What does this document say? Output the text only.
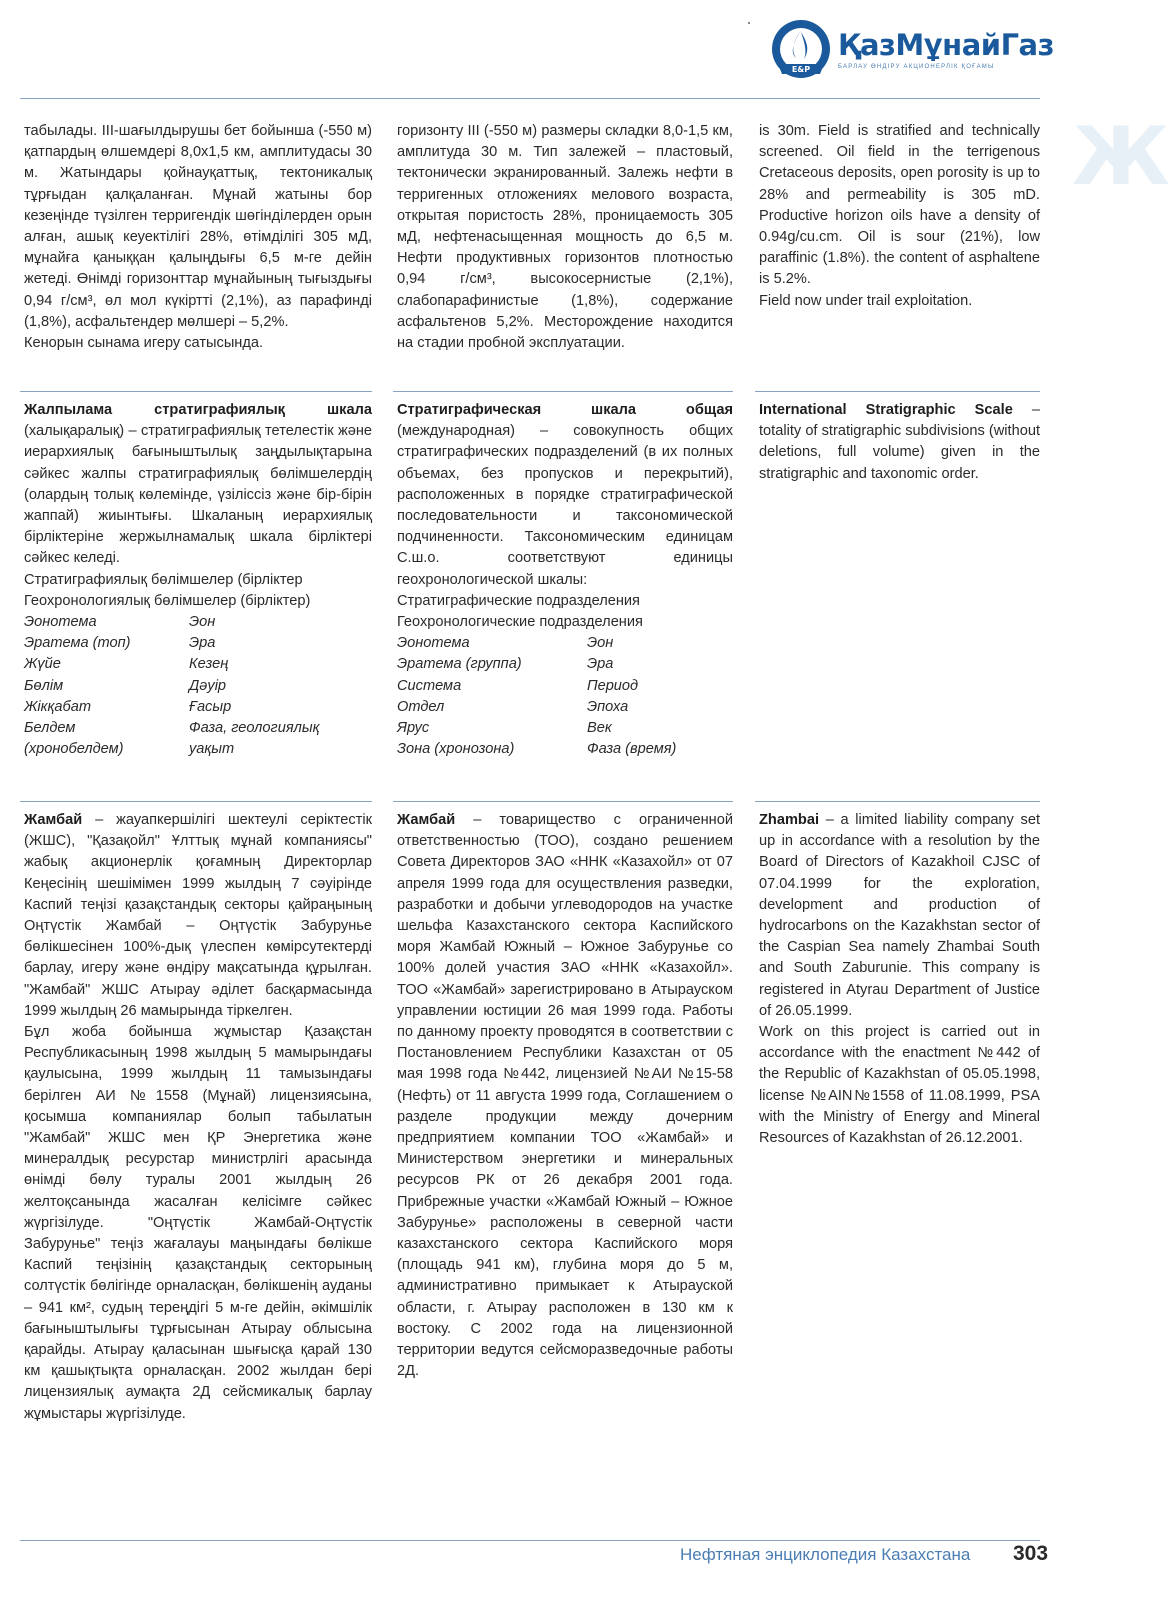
E&P
ҚазМұнайГаз
БАРЛАУ ӨНДІРУ АКЦИОНЕРЛІК ҚОҒАМЫ
Ж

табылады. III-шағылдырушы бет бойынша (-550 м) қатпардың өлшемдері 8,0х1,5 км, амплитудасы 30 м. Жатындары қойнауқаттық, тектоникалық тұрғыдан қалқаланған. Мұнай жатыны бор кезеңінде түзілген терригендік шөгінділерден орын алған, ашық кеуектілігі 28%, өтімділігі 305 мД, мұнайға қаныққан қалыңдығы 6,5 м-ге дейін жетеді. Өнімді горизонттар мұнайының тығыздығы 0,94 г/см³, өл мол күкіртті (2,1%), аз парафинді (1,8%), асфальтендер мөлшері – 5,2%.

Кенорын сынама игеру сатысында.

горизонту III (-550 м) размеры складки 8,0-1,5 км, амплитуда 30 м. Тип залежей – пластовый, тектонически экранированный. Залежь нефти в терригенных отложениях мелового возраста, открытая пористость 28%, проницаемость 305 мД, нефтенасыщенная мощность до 6,5 м. Нефти продуктивных горизонтов плотностью 0,94 г/см³, высокосернистые (2,1%), слабопарафинистые (1,8%), содержание асфальтенов 5,2%. Месторождение находится на стадии пробной эксплуатации.

is 30m. Field is stratified and technically screened. Oil field in the terrigenous Cretaceous deposits, open porosity is up to 28% and permeability is 305 mD. Productive horizon oils have a density of 0.94g/cu.cm. Oil is sour (21%), low paraffinic (1.8%). the content of asphaltene is 5.2%.

Field now under trail exploitation.

Жалпылама стратиграфиялық шкала (халықаралық) – стратиграфиялық тетелестік және иерархиялық бағыныштылық заңдылықтарына сәйкес жалпы стратиграфиялық бөлімшелердің (олардың толық көлемінде, үзіліссіз және бір-бірін жаппай) жиынтығы. Шкаланың иерархиялық бірліктеріне жержылнамалық шкала бірліктері сәйкес келеді.

Стратиграфиялық бөлімшелер (бірліктер

Геохронологиялық бөлімшелер (бірліктер)

Эонотема	Эон
Эратема (топ)	Эра
Жүйе	Кезең
Бөлім	Дәуір
Жікқабат	Ғасыр
Белдем	Фаза, геологиялық
(хронобелдем)	уақыт

Стратиграфическая шкала общая (международная) – совокупность общих стратиграфических подразделений (в их полных объемах, без пропусков и перекрытий), расположенных в порядке стратиграфической последовательности и таксономической подчиненности. Таксономическим единицам С.ш.о. соответствуют единицы геохронологической шкалы:

Стратиграфические подразделения Геохронологические подразделения

Эонотема	Эон
Эратема (группа)	Эра
Система	Период
Отдел	Эпоха
Ярус	Век
Зона (хронозона)	Фаза (время)

International Stratigraphic Scale – totality of stratigraphic subdivisions (without deletions, full volume) given in the stratigraphic and taxonomic order.

Жамбай – жауапкершілігі шектеулі серіктестік (ЖШС), "Қазақойл" Ұлттық мұнай компаниясы" жабық акционерлік қоғамның Директорлар Кеңесінің шешімімен 1999 жылдың 7 сәуірінде Каспий теңізі қазақстандық секторы қайраңының Оңтүстік Жамбай – Оңтүстік Забурунье бөлікшесінен 100%-дық үлеспен көмірсутектерді барлау, игеру және өндіру мақсатында құрылған. "Жамбай" ЖШС Атырау әділет басқармасында 1999 жылдың 26 мамырында тіркелген.

Бұл жоба бойынша жұмыстар Қазақстан Республикасының 1998 жылдың 5 мамырындағы қаулысына, 1999 жылдың 11 тамызындағы берілген АИ №1558 (Мұнай) лицензиясына, қосымша компаниялар болып табылатын "Жамбай" ЖШС мен ҚР Энергетика және минералдық ресурстар министрлігі арасында өнімді бөлу туралы 2001 жылдың 26 желтоқсанында жасалған келісімге сәйкес жүргізілуде. "Оңтүстік Жамбай-Оңтүстік Забурунье" теңіз жағалауы маңындағы бөлікше Каспий теңізінің қазақстандық секторының солтүстік бөлігінде орналасқан, бөлікшенің ауданы – 941 км², судың тереңдігі 5 м-ге дейін, әкімшілік бағыныштылығы тұрғысынан Атырау облысына қарайды. Атырау қаласынан шығысқа қарай 130 км қашықтықта орналасқан. 2002 жылдан бері лицензиялық аумақта 2Д сейсмикалық барлау жұмыстары жүргізілуде.

Жамбай – товарищество с ограниченной ответственностью (ТОО), создано решением Совета Директоров ЗАО «ННК «Казахойл» от 07 апреля 1999 года для осуществления разведки, разработки и добычи углеводородов на участке шельфа Казахстанского сектора Каспийского моря Жамбай Южный – Южное Забурунье со 100% долей участия ЗАО «ННК «Казахойл». ТОО «Жамбай» зарегистрировано в Атырауском управлении юстиции 26 мая 1999 года. Работы по данному проекту проводятся в соответствии с Постановлением Республики Казахстан от 05 мая 1998 года №442, лицензией №АИ №15-58 (Нефть) от 11 августа 1999 года, Соглашением о разделе продукции между дочерним предприятием компании ТОО «Жамбай» и Министерством энергетики и минеральных ресурсов РК от 26 декабря 2001 года. Прибрежные участки «Жамбай Южный – Южное Забурунье» расположены в северной части казахстанского сектора Каспийского моря (площадь 941 км), глубина моря до 5 м, административно примыкает к Атырауской области, г. Атырау расположен в 130 км к востоку. С 2002 года на лицензионной территории ведутся сейсморазведочные работы 2Д.

Zhambai – a limited liability company set up in accordance with a resolution by the Board of Directors of Kazakhoil CJSC of 07.04.1999 for the exploration, development and production of hydrocarbons on the Kazakhstan sector of the Caspian Sea namely Zhambai South and South Zaburunie. This company is registered in Atyrau Department of Justice of 26.05.1999.

Work on this project is carried out in accordance with the enactment №442 of the Republic of Kazakhstan of 05.05.1998, license №AIN№1558 of 11.08.1999, PSA with the Ministry of Energy and Mineral Resources of Kazakhstan of 26.12.2001.

Нефтяная энциклопедия Казахстана 303
